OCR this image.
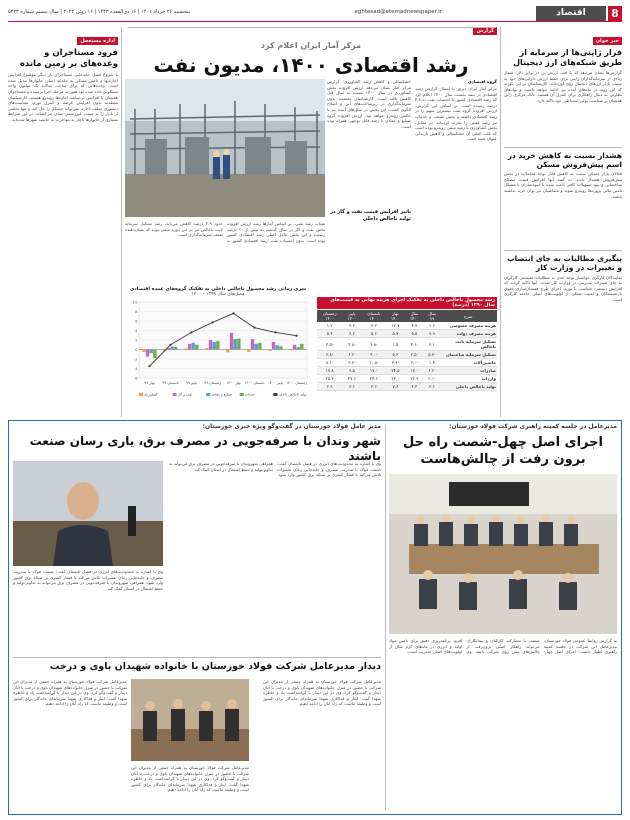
8
اقتصاد
eghtesad@etemadnewspaper.ir
پنجشنبه ۲۶ خرداد ۱۴۰۱ | ۱۶ ذی‌القعده ۱۴۴۳ | ۱۶ ژوئن ۲۰۲۲ | سال بیستم شماره ۵۲۲۳
خبر خوان
فرار ژاپنی‌ها از سرمایه از طریق شبکه‌های ارز دیجیتال
گزارش‌ها نشان می‌دهد که با افت ارزش ین در برابر دلار، شمار زیادی از سرمایه‌گذاران ژاپنی برای حفظ ارزش دارایی‌های خود به سمت بازار ارزهای دیجیتال روی آورده‌اند. کارشناسان بر این باورند که این روند در ماه‌های آینده نیز ادامه خواهد داشت و نهادهای نظارتی به دنبال راهکاری برای کنترل آن هستند. بانک مرکزی ژاپن همچنان بر سیاست پولی انبساطی خود تاکید دارد.
هشدار نسبت به کاهش خرید در اسم پیش‌فروش مسکن
فعالان بازار مسکن نسبت به کاهش قابل توجه معاملات در بخش پیش‌فروش هشدار دادند. به گفته آنها افزایش قیمت مصالح ساختمانی و نبود تسهیلات کافی باعث شده تا انبوه‌سازان با مشکل تامین مالی پروژه‌ها روبه‌رو شوند و متقاضیان نیز توان خرید نداشته باشند.
پیگیری مطالبات به جای انتصاب و تغییرات در وزارت کار
نمایندگان کارگری خواستار توجه جدی به مطالبات معیشتی کارگران به جای تغییرات مدیریتی در وزارت کار شدند. آنها تاکید کردند که افزایش دستمزد متناسب با تورم، اجرای طرح همسان‌سازی حقوق بازنشستگان و امنیت شغلی از اولویت‌های اصلی جامعه کارگری است.
اداره مستعجل
فرود مستاجران و وعده‌های بر زمین مانده
با شروع فصل جابه‌جایی مستاجران بار دیگر موضوع افزایش اجاره‌بها و تامین مسکن به دغدغه اصلی خانوارها تبدیل شده است. وعده‌هایی که برای ساخت سالانه یک میلیون واحد مسکونی داده شده بود هنوز به مرحله اجرا نرسیده و مستاجران همچنان با افزایش بی‌سابقه اجاره‌ها روبه‌رو هستند. کارشناسان معتقدند بدون افزایش عرضه و کنترل تورم، سیاست‌های دستوری سقف اجاره نمی‌تواند مشکل را حل کند و تنها بخشی از بازار را به سمت غیررسمی شدن می‌کشاند. در این شرایط بسیاری از خانوارها ناچار به مهاجرت به حاشیه شهرها شده‌اند.
گزارش
مرکز آمار ایران اعلام کرد
رشد اقتصادی ۱۴۰۰، مدیون نفت

گروه اقتصادی

مرکز آمار ایران دیروز با انتشار گزارش رشد اقتصادی در نیمه نخست سال ۱۴۰۰ اعلام کرد که رشد اقتصادی کشور با احتساب نفت به ۴.۸ درصد رسیده است. بر اساس این گزارش، ارزش افزوده گروه نفت بیشترین سهم را در رشد اقتصادی داشته و بخش صنعت و خدمات نیز رشد مثبتی را تجربه کرده‌اند. در مقابل، بخش کشاورزی با رشد منفی روبه‌رو بوده است که علت اصلی آن خشکسالی و کاهش بارندگی عنوان شده است.

خشکسالی و کاهش رشد کشاورزی: گزارش مرکز آمار نشان می‌دهد ارزش افزوده بخش کشاورزی در سال ۱۴۰۰ نسبت به سال قبل کاهش یافته است. کارشناسان معتقدند بدون سرمایه‌گذاری در زیرساخت‌های آبی و اصلاح الگوی کشت، این بخش در سال‌های آینده نیز با چالش روبه‌رو خواهد بود. ارزش افزوده گروه صنایع و معادن با رشد قابل توجهی همراه بوده است.
شتاب رشد نفتی: بر اساس آمارها رشد ارزش افزوده بخش نفت و گاز در سال گذشته به بیش از ۱۰ درصد رسیده و این بخش عامل اصلی رشد اقتصادی کشور بوده است. بدون احتساب نفت، رشد اقتصادی کشور به حدود ۲.۹ درصد کاهش می‌یابد. رشد تشکیل سرمایه ثابت ناخالص نیز در این دوره منفی بوده که نشان‌دهنده ضعف سرمایه‌گذاری است.
تاثیر افزایش قیمت نفت و گاز در تولید ناخالص داخلی
رشد محصول ناخالص داخلی به تفکیک اجزای هزینه نهایی به قیمت‌های سال ۱۳۹۰ (درصد)
شرح	سال ۹۹	سال ۱۴۰۰	بهار ۱۴۰۰	تابستان ۱۴۰۰	پاییز ۱۴۰۰	زمستان ۱۴۰۰
هزینه مصرف خصوصی	۱.۶	۴.۷	۱۲.۷	۶.۲	۳.۳	۱.۲
هزینه مصرف دولت	۹.۹	۵.۵	۵.۷	۵.۶	۶.۲	۵.۴
تشکیل سرمایه ثابت ناخالص	۳.۱	-۴.۱	۱.۵	-۶.۸	-۴.۸	-۴.۵
تشکیل سرمایه ساختمان	-۵.۳	-۲.۵	۵.۲	-۴.۰	-۶.۲	-۳.۸
ماشین‌آلات	۱.۴	-۶.۰	-۳.۶	-۱۰.۸	-۳.۲	-۸.۱
صادرات	-۶.۲	۱۷.۰	۲۴.۵	۱۷.۰	۹.۵	۱۷.۸
واردات	-۲.۱	۲۶.۹	۳۳.۰	۲۴.۶	۲۷.۶	۲۵.۳
تولید ناخالص داخلی	۳.۶	۴.۴	۷.۶	۴.۶	۳.۶	۲.۹
سری زمانی رشد محصول ناخالص داخلی به تفکیک گروه‌های عمده اقتصادی
فصل‌های سال ۱۳۹۹ - ۱۴۰۰
-6
-4
-2
0
2
4
6
8
10
بهار ۹۹ تابستان ۹۹ پاییز ۹۹ زمستان ۹۹ بهار ۱۴۰۰ تابستان ۱۴۰۰ پاییز ۱۴۰۰ زمستان ۱۴۰۰
کشاورزی	نفت و گاز	صنایع و معادن	خدمات	تولید ناخالص داخلی
مدیرعامل در جلسه کمیته راهبری شرکت فولاد خوزستان:
اجرای اصل چهل-شصت راه حل برون رفت از چالش‌هاست
به گزارش روابط عمومی فولاد خوزستان، مدیرعامل این شرکت در جلسه کمیته راهبری اظهار داشت: اجرای اصل چهل-شصت با مشارکت کارکنان و پیمانکاران می‌تواند راهکار اصلی برون‌رفت از چالش‌های پیش روی شرکت باشد. وی افزود برنامه‌ریزی دقیق برای تامین مواد اولیه و انرژی در ماه‌های گرم سال از اولویت‌های اصلی مدیریت است.
مدیر عامل فولاد خوزستان در گفت‌وگو ویژه خبری خوزستان:
شهر وندان با صرفه‌جویی در مصرف برق، یاری رسان صنعت باشند
وی با اشاره به محدودیت‌های انرژی در فصل تابستان گفت: صنعت فولاد با مدیریت مصرف و جابه‌جایی زمان تعمیرات تلاش می‌کند تا فشار کمتری بر شبکه برق کشور وارد شود. همراهی شهروندان با صرفه‌جویی در مصرف برق می‌تواند به تداوم تولید و حفظ اشتغال در استان کمک کند.
وی با اشاره به محدودیت‌های انرژی در فصل تابستان گفت: صنعت فولاد با مدیریت مصرف و جابه‌جایی زمان تعمیرات تلاش می‌کند تا فشار کمتری بر شبکه برق کشور وارد شود. همراهی شهروندان با صرفه‌جویی در مصرف برق می‌تواند به تداوم تولید و حفظ اشتغال در استان کمک کند.
دیدار مدیرعامل شرکت فولاد خوزستان با خانواده شهیدان باوی و درخت
مدیرعامل شرکت فولاد خوزستان به همراه جمعی از مدیران این شرکت با حضور در منزل خانواده‌های شهیدان باوی و درخت با آنان دیدار و گفت‌وگو کرد. وی در این دیدار با گرامیداشت یاد و خاطره شهدا گفت: ایثار و فداکاری شهدا سرمایه‌ای ماندگار برای کشور است و وظیفه ماست که راه آنان را ادامه دهیم.
مدیرعامل شرکت فولاد خوزستان به همراه جمعی از مدیران این شرکت با حضور در منزل خانواده‌های شهیدان باوی و درخت با آنان دیدار و گفت‌وگو کرد. وی در این دیدار با گرامیداشت یاد و خاطره شهدا گفت: ایثار و فداکاری شهدا سرمایه‌ای ماندگار برای کشور است و وظیفه ماست که راه آنان را ادامه دهیم.
مدیرعامل شرکت فولاد خوزستان به همراه جمعی از مدیران این شرکت با حضور در منزل خانواده‌های شهیدان باوی و درخت با آنان دیدار و گفت‌وگو کرد. وی در این دیدار با گرامیداشت یاد و خاطره شهدا گفت: ایثار و فداکاری شهدا سرمایه‌ای ماندگار برای کشور است و وظیفه ماست که راه آنان را ادامه دهیم.
